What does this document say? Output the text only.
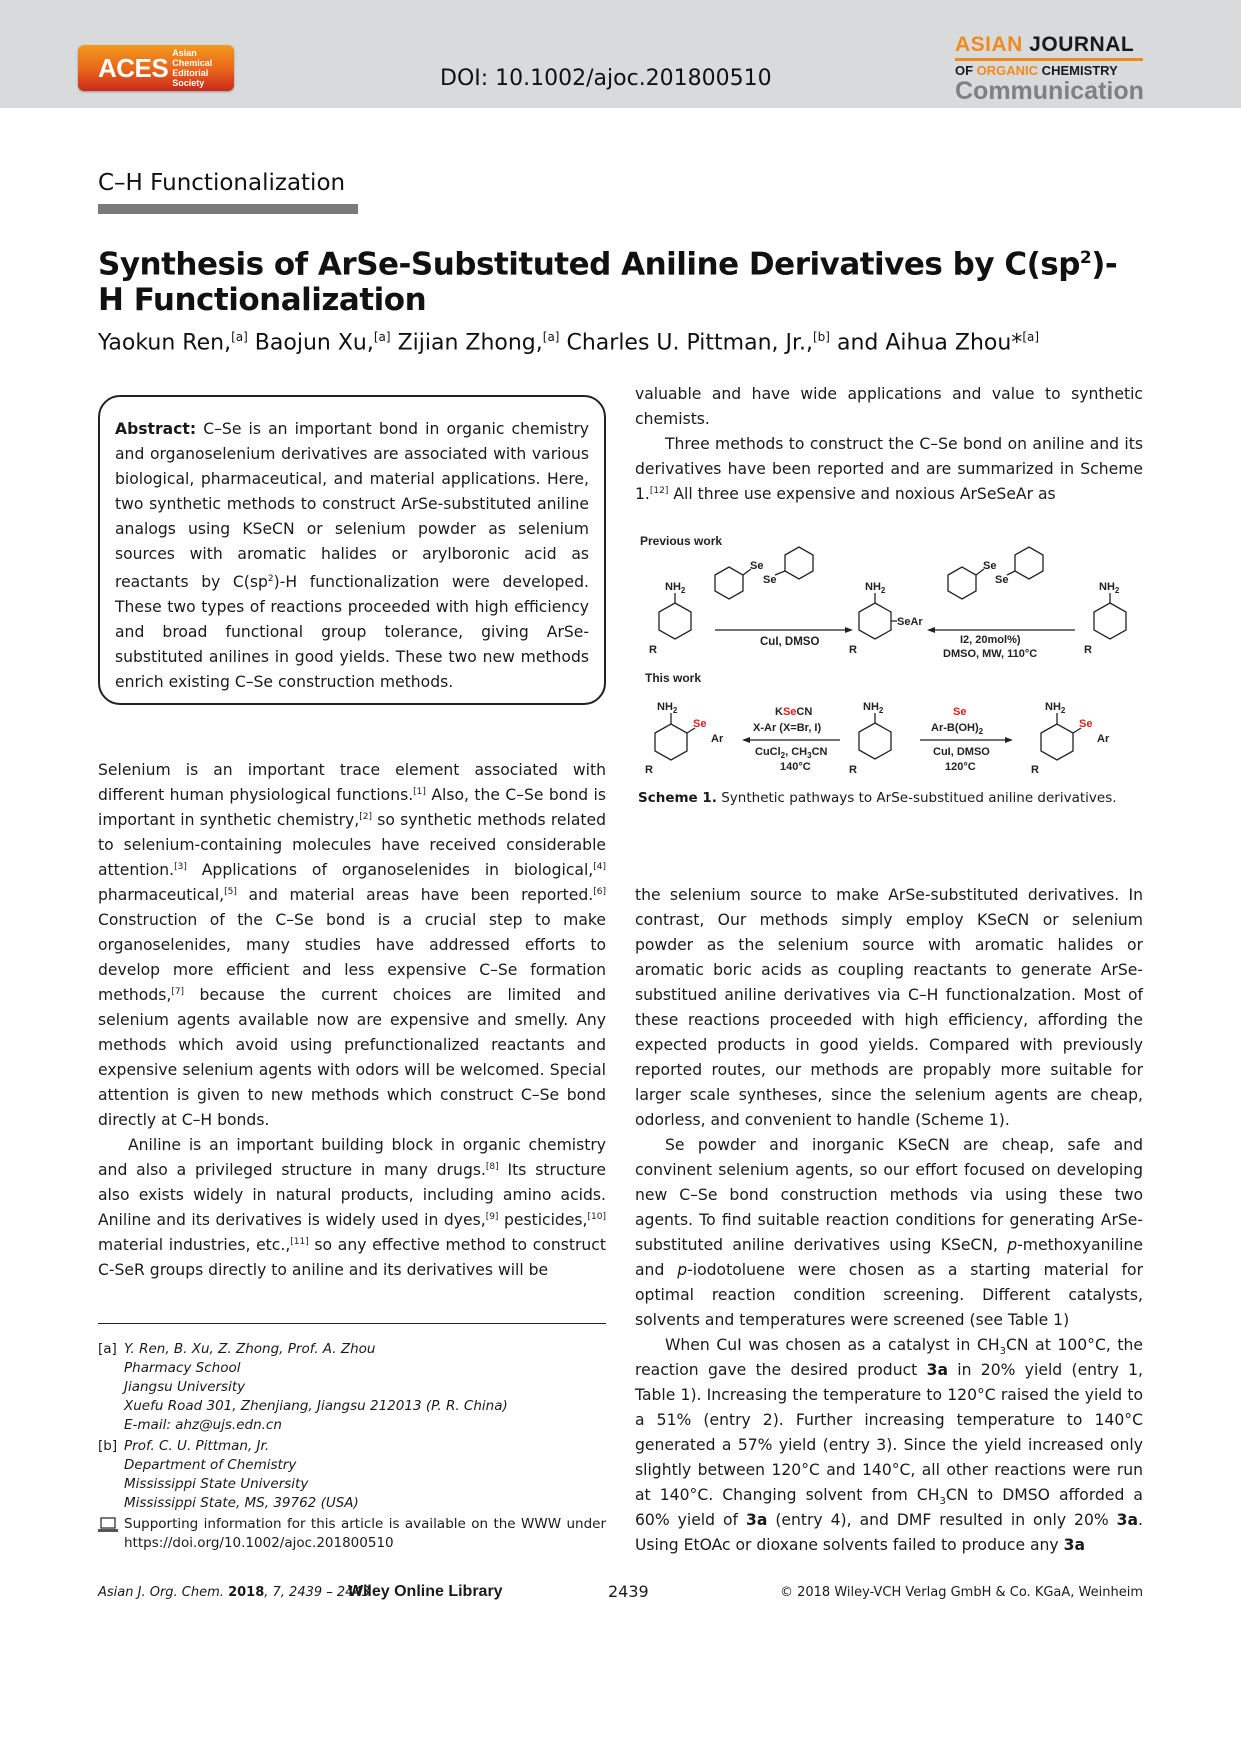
ACES Asian Chemical
Editorial Society	DOI: 10.1002/ajoc.201800510
ASIAN JOURNAL
OF ORGANIC CHEMISTRY
Communication
C–H Functionalization
Synthesis of ArSe-Substituted Aniline Derivatives by $C(sp^2)-H$ Functionalization
Yaokun Ren,[a] Baojun Xu,[a] Zijian Zhong,[a] Charles U. Pittman, Jr.,[b] and Aihua Zhou*[a]

Abstract: C–Se is an important bond in organic chemistry and organoselenium derivatives are associated with various biological, pharmaceutical, and material applications. Here, two synthetic methods to construct ArSe-substituted aniline analogs using KSeCN or selenium powder as selenium sources with aromatic halides or arylboronic acid as reactants by $C(sp^2)-H$ functionalization were developed. These two types of reactions proceeded with high efficiency and broad functional group tolerance, giving ArSe-substituted anilines in good yields. These two new methods enrich existing C–Se construction methods.

Selenium is an important trace element associated with different human physiological functions.[1] Also, the C–Se bond is important in synthetic chemistry,[2] so synthetic methods related to selenium-containing molecules have received considerable attention.[3] Applications of organoselenides in biological,[4] pharmaceutical,[5] and material areas have been reported.[6] Construction of the C–Se bond is a crucial step to make organoselenides, many studies have addressed efforts to develop more efficient and less expensive C–Se formation methods,[7] because the current choices are limited and selenium agents available now are expensive and smelly. Any methods which avoid using prefunctionalized reactants and expensive selenium agents with odors will be welcomed. Special attention is given to new methods which construct C–Se bond directly at C–H bonds.

Aniline is an important building block in organic chemistry and also a privileged structure in many drugs.[8] Its structure also exists widely in natural products, including amino acids. Aniline and its derivatives is widely used in dyes,[9] pesticides,[10] material industries, etc.,[11] so any effective method to construct C-SeR groups directly to aniline and its derivatives will be

valuable and have wide applications and value to synthetic chemists.

Three methods to construct the C–Se bond on aniline and its derivatives have been reported and are summarized in Scheme 1.[12] All three use expensive and noxious ArSeSeAr as

Previous work
$NH_2$
R
Se
Se
CuI, DMSO
$NH_2$
SeAr
R
Se
Se
I2, 20mol%)
DMSO, MW, 110°C
$NH_2$
R
This work
$NH_2$
Se
Ar
R
KSeCN
X-Ar (X=Br, I)
CuCl$_2$, $CH_3CN$
140°C
$NH_2$
R
Se
$Ar-B(OH)_2$
CuI, DMSO
120°C
$NH_2$
Se
Ar
R
Scheme 1. Synthetic pathways to ArSe-substitued aniline derivatives.

the selenium source to make ArSe-substituted derivatives. In contrast, Our methods simply employ KSeCN or selenium powder as the selenium source with aromatic halides or aromatic boric acids as coupling reactants to generate ArSe-substitued aniline derivatives via C–H functionalzation. Most of these reactions proceeded with high efficiency, affording the expected products in good yields. Compared with previously reported routes, our methods are propably more suitable for larger scale syntheses, since the selenium agents are cheap, odorless, and convenient to handle (Scheme 1).

Se powder and inorganic KSeCN are cheap, safe and convinent selenium agents, so our effort focused on developing new C–Se bond construction methods via using these two agents. To find suitable reaction conditions for generating ArSe-substituted aniline derivatives using KSeCN, p-methoxyaniline and p-iodotoluene were chosen as a starting material for optimal reaction condition screening. Different catalysts, solvents and temperatures were screened (see Table 1)

When CuI was chosen as a catalyst in $CH_3CN$ at 100°C, the reaction gave the desired product 3a in 20% yield (entry 1, Table 1). Increasing the temperature to 120°C raised the yield to a 51% (entry 2). Further increasing temperature to 140°C generated a 57% yield (entry 3). Since the yield increased only slightly between 120°C and 140°C, all other reactions were run at 140°C. Changing solvent from $CH_3CN$ to DMSO afforded a 60% yield of 3a (entry 4), and DMF resulted in only 20% 3a. Using EtOAc or dioxane solvents failed to produce any 3a

[a] Y. Ren, B. Xu, Z. Zhong, Prof. A. Zhou
Pharmacy School
Jiangsu University
Xuefu Road 301, Zhenjiang, Jiangsu 212013 (P. R. China)
E-mail: ahz@ujs.edn.cn
[b] Prof. C. U. Pittman, Jr.
Department of Chemistry
Mississippi State University
Mississippi State, MS, 39762 (USA)
Supporting information for this article is available on the WWW under https://doi.org/10.1002/ajoc.201800510
Asian J. Org. Chem. 2018, 7, 2439 – 2443
Wiley Online Library	2439	© 2018 Wiley-VCH Verlag GmbH & Co. KGaA, Weinheim
